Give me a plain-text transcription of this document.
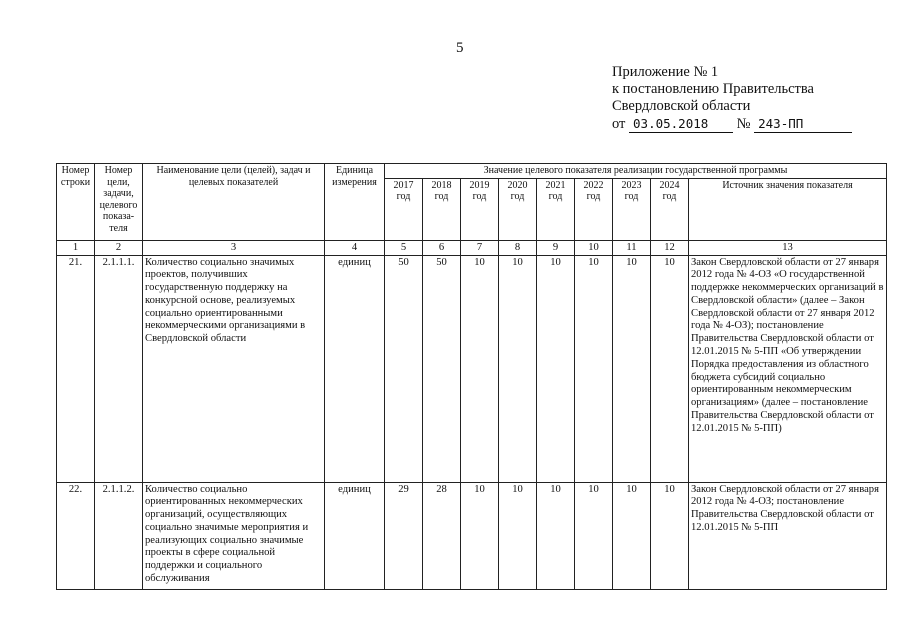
5
Приложение № 1
к постановлению Правительства
Свердловской области
от 03.05.2018 № 243-ПП
Номер строки	Номер цели, задачи, целевого показа-теля	Наименование цели (целей), задач и целевых показателей	Единица измерения	Значение целевого показателя реализации государственной программы								
				2017 год	2018 год	2019 год	2020 год	2021 год	2022 год	2023 год	2024 год	Источник значения показателя
1	2	3	4	5	6	7	8	9	10	11	12	13
21.	2.1.1.1.	Количество социально значимых проектов, получивших государственную поддержку на конкурсной основе, реализуемых социально ориентированными некоммерческими организациями в Свердловской области	единиц	50	50	10	10	10	10	10	10	Закон Свердловской области от 27 января 2012 года № 4-ОЗ «О государственной поддержке некоммерческих организаций в Свердловской области» (далее – Закон Свердловской области от 27 января 2012 года № 4-ОЗ); постановление Правительства Свердловской области от 12.01.2015 № 5-ПП «Об утверждении Порядка предоставления из областного бюджета субсидий социально ориентированным некоммерческим организациям» (далее – постановление Правительства Свердловской области от 12.01.2015 № 5-ПП)
22.	2.1.1.2.	Количество социально ориентированных некоммерческих организаций, осуществляющих социально значимые мероприятия и реализующих социально значимые проекты в сфере социальной поддержки и социального обслуживания	единиц	29	28	10	10	10	10	10	10	Закон Свердловской области от 27 января 2012 года № 4-ОЗ; постановление Правительства Свердловской области от 12.01.2015 № 5-ПП
